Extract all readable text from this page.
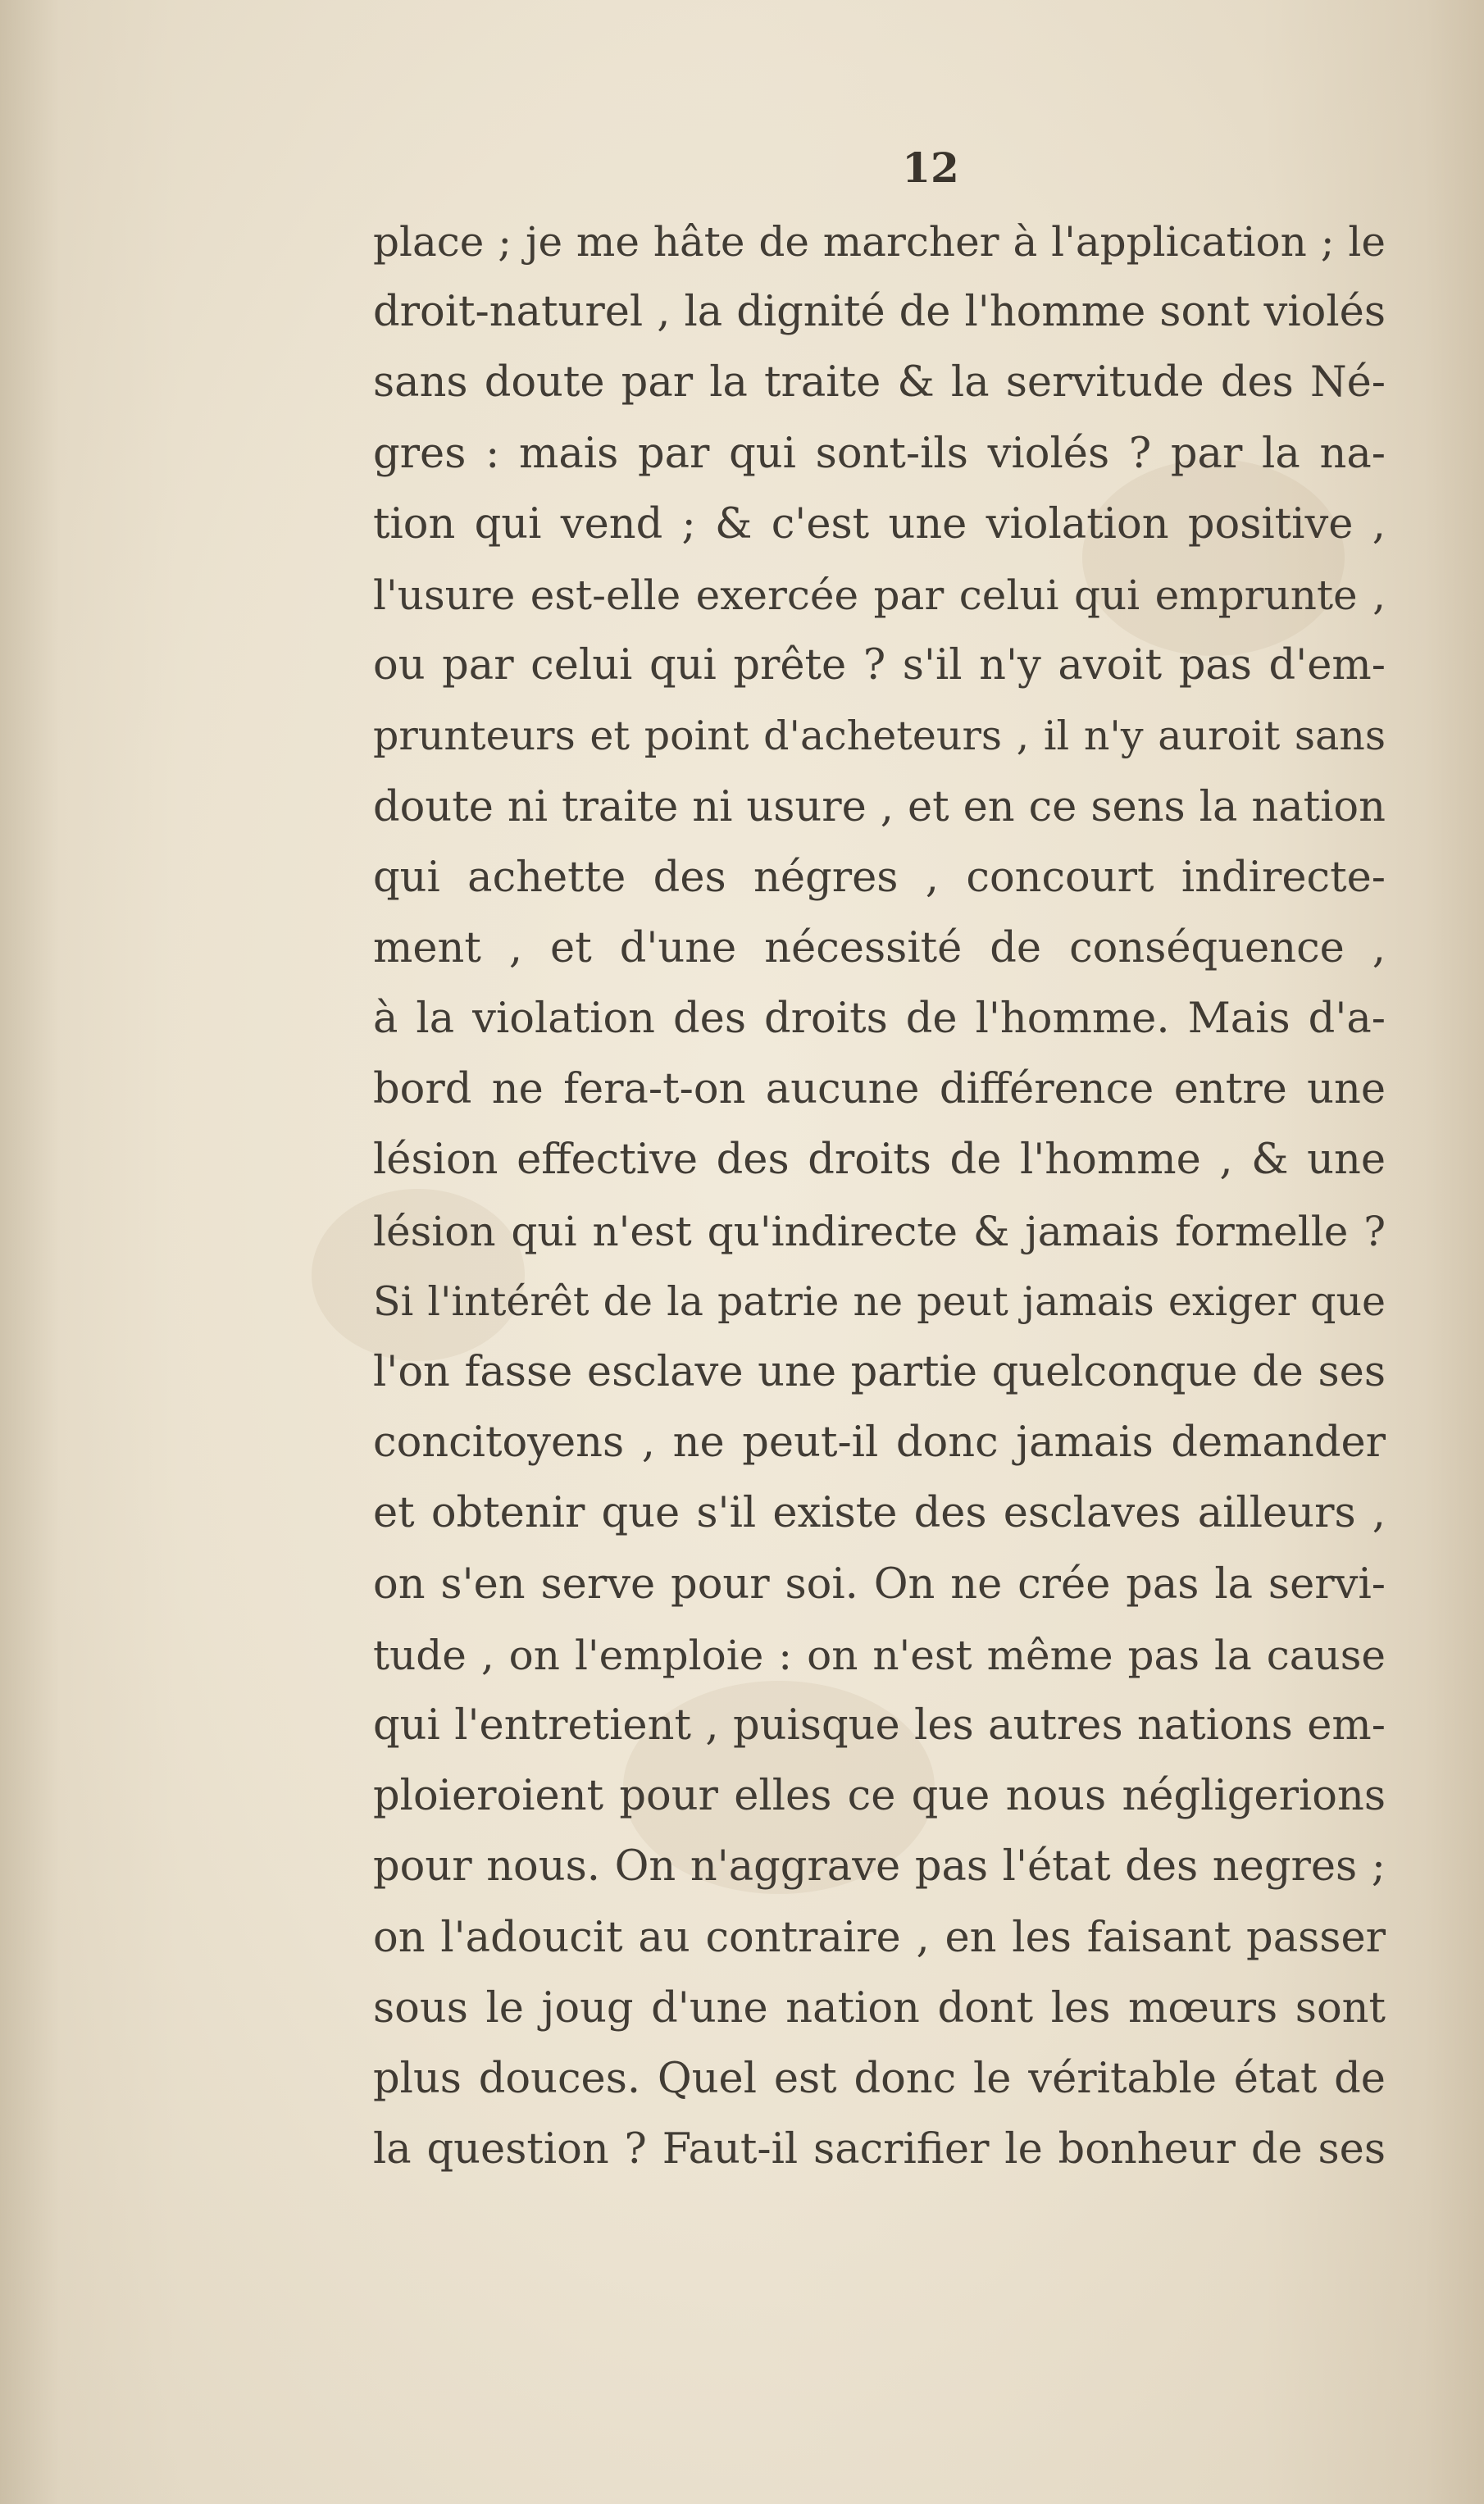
12
place ; je me hâte de marcher à l'application ; le
droit-naturel , la dignité de l'homme sont violés
sans doute par la traite & la servitude des Né-
gres : mais par qui sont-ils violés ? par la na-
tion qui vend ; & c'est une violation positive ,
l'usure est-elle exercée par celui qui emprunte ,
ou par celui qui prête ? s'il n'y avoit pas d'em-
prunteurs et point d'acheteurs , il n'y auroit sans
doute ni traite ni usure , et en ce sens la nation
qui achette des négres , concourt indirecte-
ment , et d'une nécessité de conséquence ,
à la violation des droits de l'homme. Mais d'a-
bord ne fera-t-on aucune différence entre une
lésion effective des droits de l'homme , & une
lésion qui n'est qu'indirecte & jamais formelle ?
Si l'intérêt de la patrie ne peut jamais exiger que
l'on fasse esclave une partie quelconque de ses
concitoyens , ne peut-il donc jamais demander
et obtenir que s'il existe des esclaves ailleurs ,
on s'en serve pour soi. On ne crée pas la servi-
tude , on l'emploie : on n'est même pas la cause
qui l'entretient , puisque les autres nations em-
ploieroient pour elles ce que nous négligerions
pour nous. On n'aggrave pas l'état des negres ;
on l'adoucit au contraire , en les faisant passer
sous le joug d'une nation dont les mœurs sont
plus douces. Quel est donc le véritable état de
la question ? Faut-il sacrifier le bonheur de ses
